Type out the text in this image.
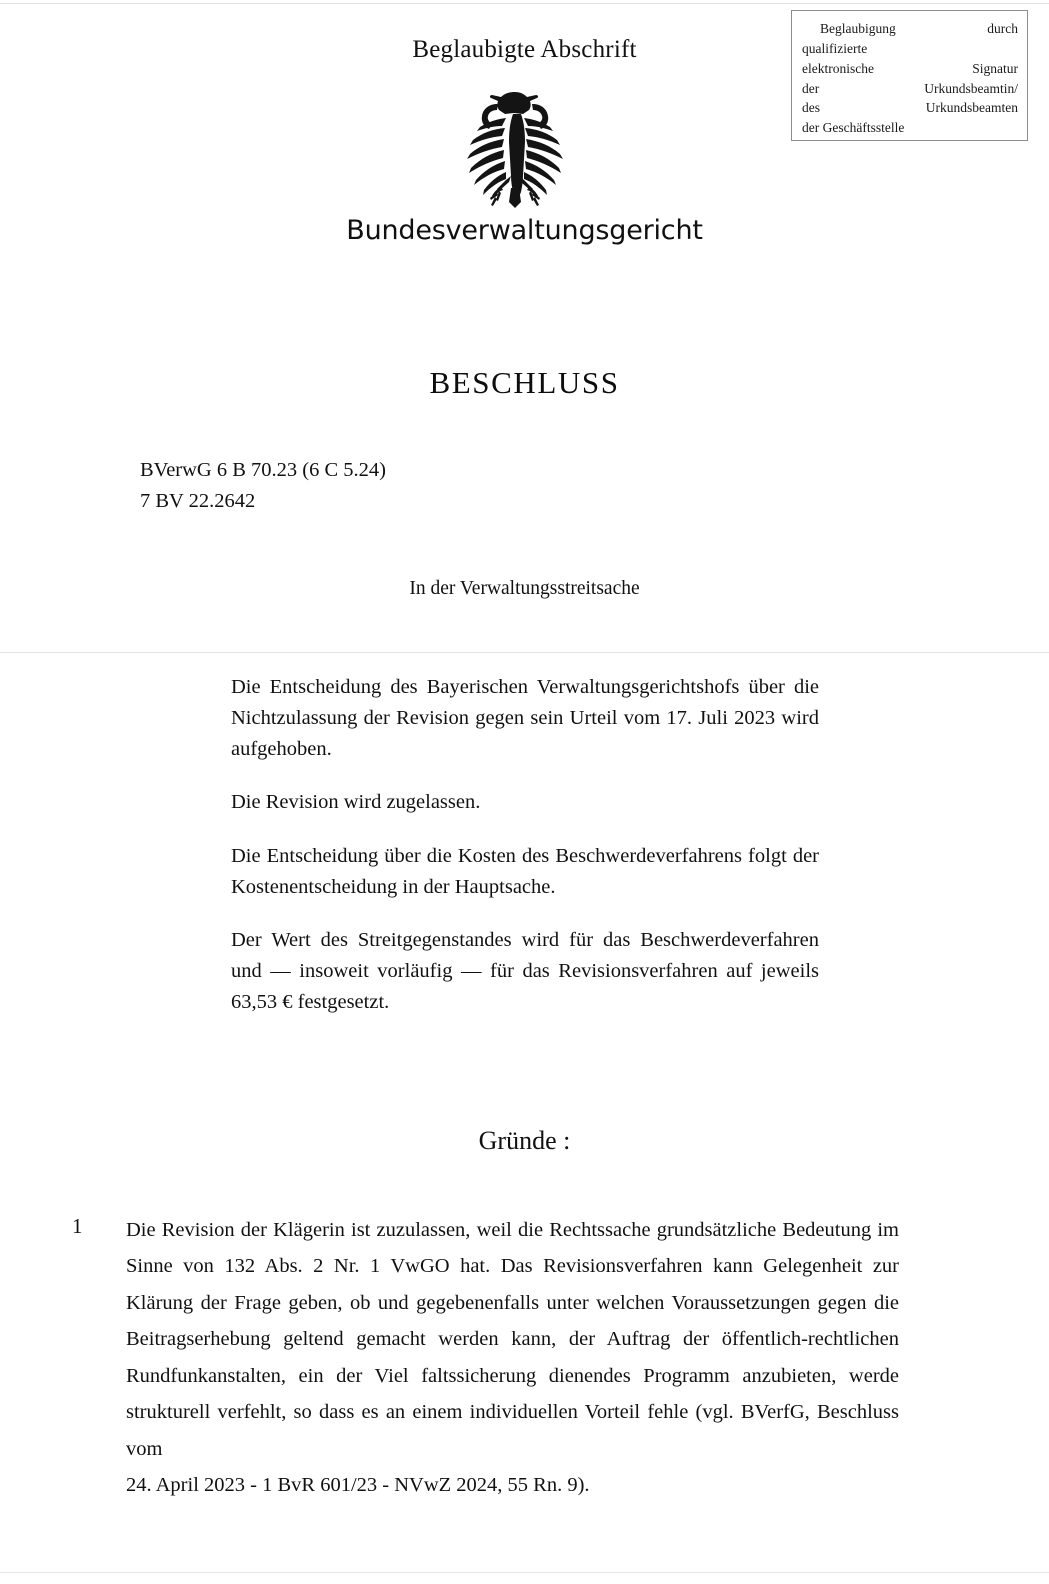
Beglaubigung	durch
qualifizierte
elektronische	Signatur
der	Urkundsbeamtin/
des	Urkundsbeamten
der Geschäftsstelle
Beglaubigte Abschrift
Bundesverwaltungsgericht
BESCHLUSS
BVerwG 6 B 70.23 (6 C 5.24)
7 BV 22.2642
In der Verwaltungsstreitsache

Die Entscheidung des Bayerischen Verwaltungsgerichtshofs über die Nichtzulassung der Revision gegen sein Urteil vom 17. Juli 2023 wird aufgehoben.

Die Revision wird zugelassen.

Die Entscheidung über die Kosten des Beschwerdeverfahrens folgt der Kostenentscheidung in der Hauptsache.

Der Wert des Streitgegenstandes wird für das Beschwerdeverfahren und — insoweit vorläufig — für das Revisionsverfahren auf jeweils 63,53 € festgesetzt.

Gründe :
1	Die Revision der Klägerin ist zuzulassen, weil die Rechtssache grundsätzliche Bedeutung im Sinne von 132 Abs. 2 Nr. 1 VwGO hat. Das Revisionsverfahren kann Gelegenheit zur Klärung der Frage geben, ob und gegebenenfalls unter welchen Voraussetzungen gegen die Beitragserhebung geltend gemacht werden kann, der Auftrag der öffentlich-rechtlichen Rundfunkanstalten, ein der Viel faltssicherung dienendes Programm anzubieten, werde strukturell verfehlt, so dass es an einem individuellen Vorteil fehle (vgl. BVerfG, Beschluss vom
24. April 2023 - 1 BvR 601/23 - NVwZ 2024, 55 Rn. 9).
